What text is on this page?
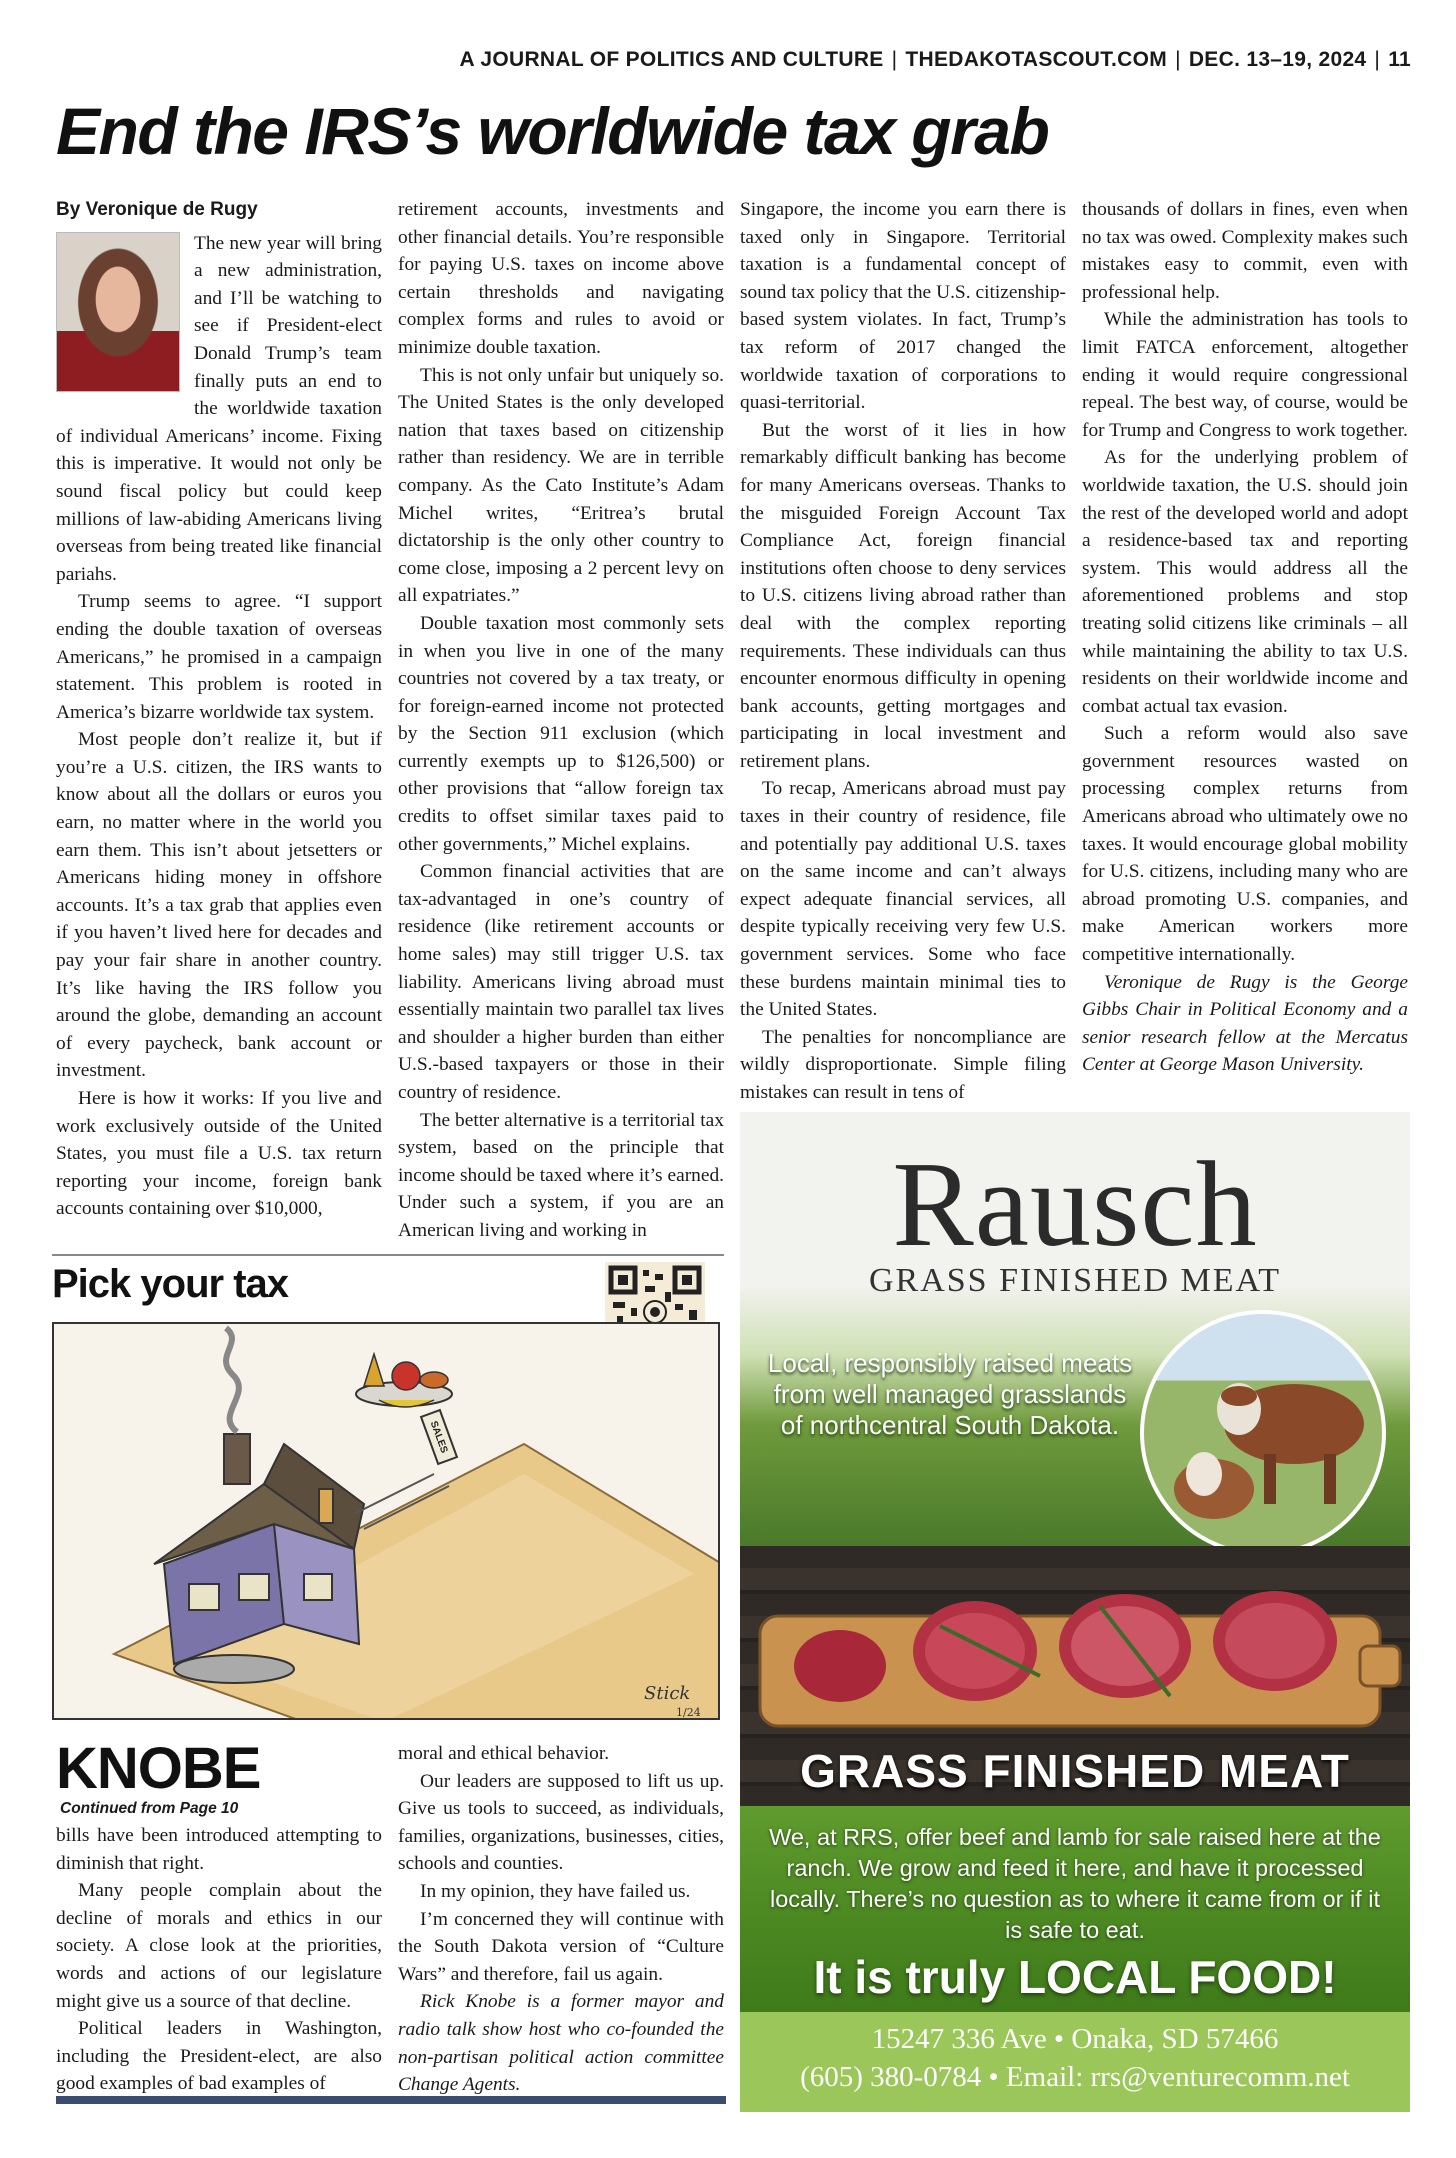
A JOURNAL OF POLITICS AND CULTURE | THEDAKOTASCOUT.COM | DEC. 13–19, 2024 | 11
End the IRS’s worldwide tax grab
By Veronique de Rugy

The new year will bring a new administration, and I’ll be watching to see if President-elect Donald Trump’s team finally puts an end to the worldwide taxation of individual Americans’ income. Fixing this is imperative. It would not only be sound fiscal policy but could keep millions of law-abiding Americans living overseas from being treated like financial pariahs.

Trump seems to agree. “I support ending the double taxation of overseas Americans,” he promised in a campaign statement. This problem is rooted in America’s bizarre worldwide tax system.

Most people don’t realize it, but if you’re a U.S. citizen, the IRS wants to know about all the dollars or euros you earn, no matter where in the world you earn them. This isn’t about jetsetters or Americans hiding money in offshore accounts. It’s a tax grab that applies even if you haven’t lived here for decades and pay your fair share in another country. It’s like having the IRS follow you around the globe, demanding an account of every paycheck, bank account or investment.

Here is how it works: If you live and work exclusively outside of the United States, you must file a U.S. tax return reporting your income, foreign bank accounts containing over $10,000,

retirement accounts, investments and other financial details. You’re responsible for paying U.S. taxes on income above certain thresholds and navigating complex forms and rules to avoid or minimize double taxation.

This is not only unfair but uniquely so. The United States is the only developed nation that taxes based on citizenship rather than residency. We are in terrible company. As the Cato Institute’s Adam Michel writes, “Eritrea’s brutal dictatorship is the only other country to come close, imposing a 2 percent levy on all expatriates.”

Double taxation most commonly sets in when you live in one of the many countries not covered by a tax treaty, or for foreign-earned income not protected by the Section 911 exclusion (which currently exempts up to $126,500) or other provisions that “allow foreign tax credits to offset similar taxes paid to other governments,” Michel explains.

Common financial activities that are tax-advantaged in one’s country of residence (like retirement accounts or home sales) may still trigger U.S. tax liability. Americans living abroad must essentially maintain two parallel tax lives and shoulder a higher burden than either U.S.-based taxpayers or those in their country of residence.

The better alternative is a territorial tax system, based on the principle that income should be taxed where it’s earned. Under such a system, if you are an American living and working in

Singapore, the income you earn there is taxed only in Singapore. Territorial taxation is a fundamental concept of sound tax policy that the U.S. citizenship-based system violates. In fact, Trump’s tax reform of 2017 changed the worldwide taxation of corporations to quasi-territorial.

But the worst of it lies in how remarkably difficult banking has become for many Americans overseas. Thanks to the misguided Foreign Account Tax Compliance Act, foreign financial institutions often choose to deny services to U.S. citizens living abroad rather than deal with the complex reporting requirements. These individuals can thus encounter enormous difficulty in opening bank accounts, getting mortgages and participating in local investment and retirement plans.

To recap, Americans abroad must pay taxes in their country of residence, file and potentially pay additional U.S. taxes on the same income and can’t always expect adequate financial services, all despite typically receiving very few U.S. government services. Some who face these burdens maintain minimal ties to the United States.

The penalties for noncompliance are wildly disproportionate. Simple filing mistakes can result in tens of

thousands of dollars in fines, even when no tax was owed. Complexity makes such mistakes easy to commit, even with professional help.

While the administration has tools to limit FATCA enforcement, altogether ending it would require congressional repeal. The best way, of course, would be for Trump and Congress to work together.

As for the underlying problem of worldwide taxation, the U.S. should join the rest of the developed world and adopt a residence-based tax and reporting system. This would address all the aforementioned problems and stop treating solid citizens like criminals – all while maintaining the ability to tax U.S. residents on their worldwide income and combat actual tax evasion.

Such a reform would also save government resources wasted on processing complex returns from Americans abroad who ultimately owe no taxes. It would encourage global mobility for U.S. citizens, including many who are abroad promoting U.S. companies, and make American workers more competitive internationally.

Veronique de Rugy is the George Gibbs Chair in Political Economy and a senior research fellow at the Mercatus Center at George Mason University.

Pick your tax
SALES
Stick
1/24
KNOBE
Continued from Page 10

bills have been introduced attempting to diminish that right.

Many people complain about the decline of morals and ethics in our society. A close look at the priorities, words and actions of our legislature might give us a source of that decline.

Political leaders in Washington, including the President-elect, are also good examples of bad examples of

moral and ethical behavior.

Our leaders are supposed to lift us up. Give us tools to succeed, as individuals, families, organizations, businesses, cities, schools and counties.

In my opinion, they have failed us.

I’m concerned they will continue with the South Dakota version of “Culture Wars” and therefore, fail us again.

Rick Knobe is a former mayor and radio talk show host who co-founded the non-partisan political action committee Change Agents.

Rausch
GRASS FINISHED MEAT
Local, responsibly raised meats from well managed grasslands of northcentral South Dakota.
GRASS FINISHED MEAT
We, at RRS, offer beef and lamb for sale raised here at the ranch. We grow and feed it here, and have it processed locally. There’s no question as to where it came from or if it is safe to eat.
It is truly LOCAL FOOD!
15247 336 Ave • Onaka, SD 57466
(605) 380-0784 • Email: rrs@venturecomm.net
